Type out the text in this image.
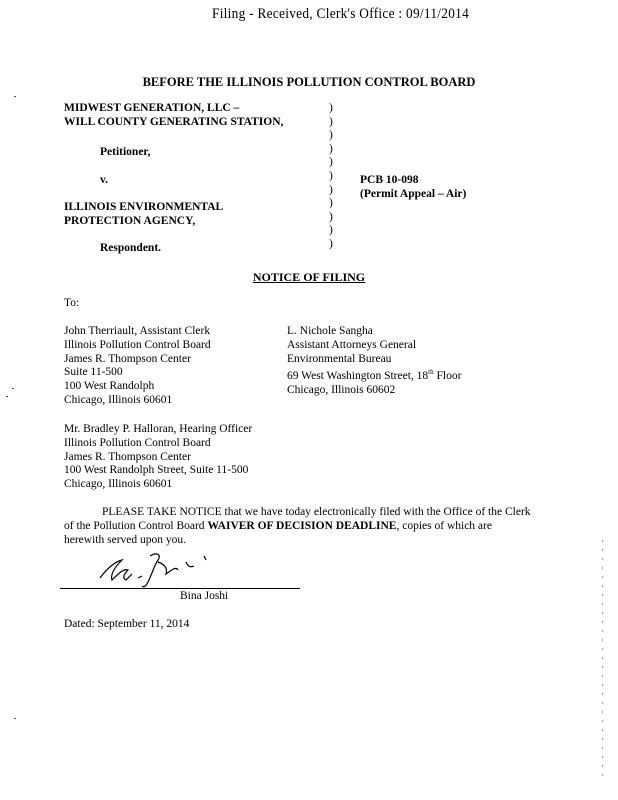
Filing - Received, Clerk's Office : 09/11/2014
BEFORE THE ILLINOIS POLLUTION CONTROL BOARD
MIDWEST GENERATION, LLC –
WILL COUNTY GENERATING STATION,
Petitioner,
v.
ILLINOIS ENVIRONMENTAL
PROTECTION AGENCY,
Respondent.
)
)
)
)
)
)
)
)
)
)
)
PCB 10-098
(Permit Appeal – Air)
NOTICE OF FILING
To:
John Therriault, Assistant Clerk
Illinois Pollution Control Board
James R. Thompson Center
Suite 11-500
100 West Randolph
Chicago, Illinois 60601
L. Nichole Sangha
Assistant Attorneys General
Environmental Bureau
69 West Washington Street, 18th Floor
Chicago, Illinois 60602
Mr. Bradley P. Halloran, Hearing Officer
Illinois Pollution Control Board
James R. Thompson Center
100 West Randolph Street, Suite 11-500
Chicago, Illinois 60601
PLEASE TAKE NOTICE that we have today electronically filed with the Office of the Clerk of the Pollution Control Board WAIVER OF DECISION DEADLINE, copies of which are herewith served upon you.
Bina Joshi
Dated: September 11, 2014
